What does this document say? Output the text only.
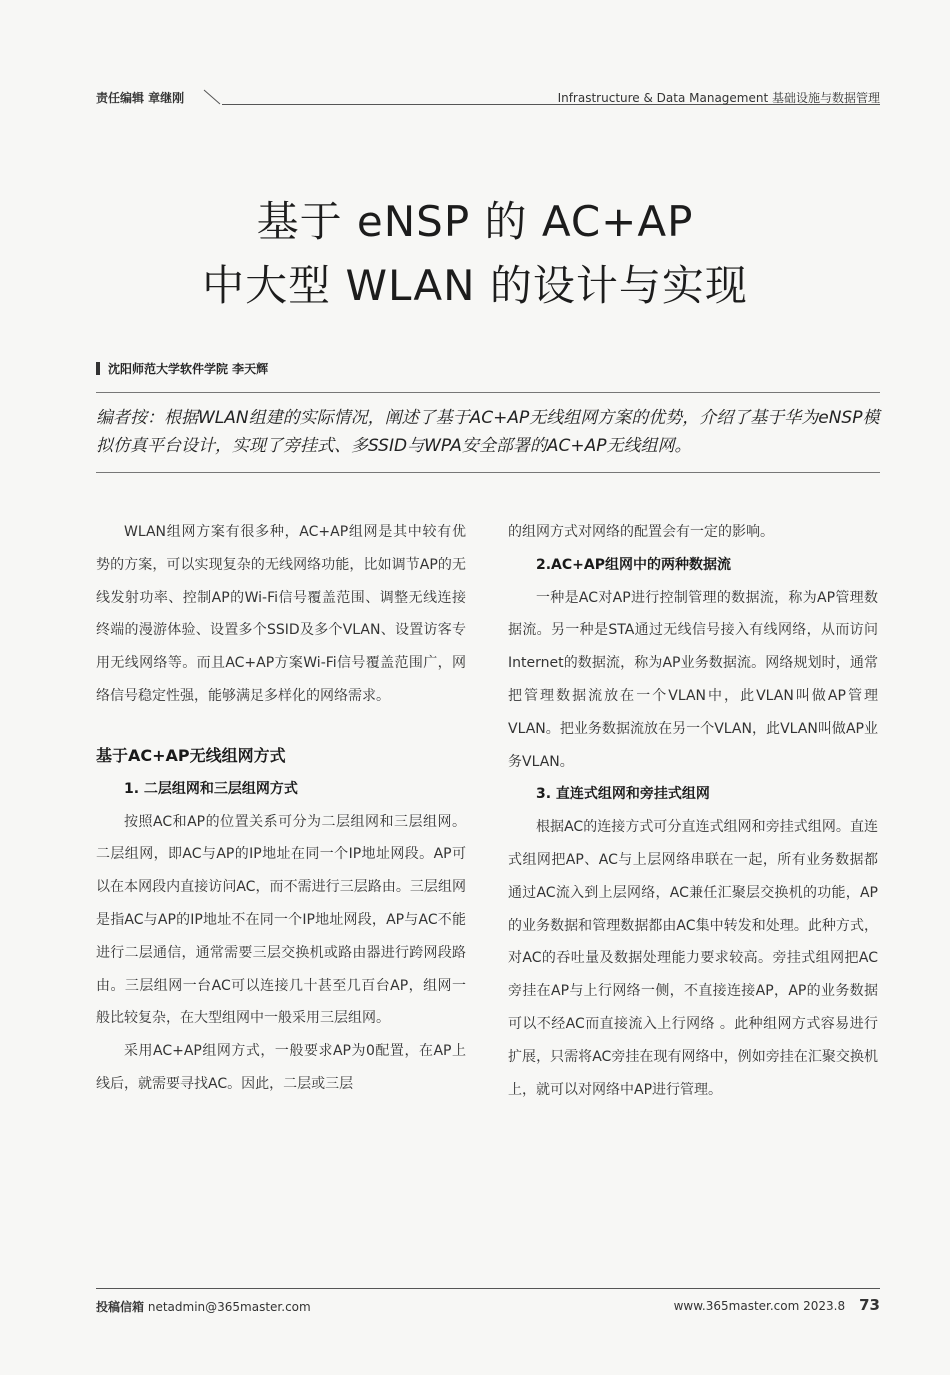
责任编辑 章继刚	Infrastructure & Data Management 基础设施与数据管理
基于 eNSP 的 AC+AP
中大型 WLAN 的设计与实现
沈阳师范大学软件学院 李天辉
编者按：根据WLAN组建的实际情况，阐述了基于AC+AP无线组网方案的优势，介绍了基于华为eNSP模拟仿真平台设计，实现了旁挂式、多SSID与WPA安全部署的AC+AP无线组网。

WLAN组网方案有很多种，AC+AP组网是其中较有优势的方案，可以实现复杂的无线网络功能，比如调节AP的无线发射功率、控制AP的Wi-Fi信号覆盖范围、调整无线连接终端的漫游体验、设置多个SSID及多个VLAN、设置访客专用无线网络等。而且AC+AP方案Wi-Fi信号覆盖范围广，网络信号稳定性强，能够满足多样化的网络需求。

基于AC+AP无线组网方式
1. 二层组网和三层组网方式

按照AC和AP的位置关系可分为二层组网和三层组网。二层组网，即AC与AP的IP地址在同一个IP地址网段。AP可以在本网段内直接访问AC，而不需进行三层路由。三层组网是指AC与AP的IP地址不在同一个IP地址网段，AP与AC不能进行二层通信，通常需要三层交换机或路由器进行跨网段路由。三层组网一台AC可以连接几十甚至几百台AP，组网一般比较复杂，在大型组网中一般采用三层组网。

采用AC+AP组网方式，一般要求AP为0配置，在AP上线后，就需要寻找AC。因此，二层或三层

的组网方式对网络的配置会有一定的影响。

2.AC+AP组网中的两种数据流

一种是AC对AP进行控制管理的数据流，称为AP管理数据流。另一种是STA通过无线信号接入有线网络，从而访问Internet的数据流，称为AP业务数据流。网络规划时，通常把管理数据流放在一个VLAN中，此VLAN叫做AP管理VLAN。把业务数据流放在另一个VLAN，此VLAN叫做AP业务VLAN。

3. 直连式组网和旁挂式组网

根据AC的连接方式可分直连式组网和旁挂式组网。直连式组网把AP、AC与上层网络串联在一起，所有业务数据都通过AC流入到上层网络，AC兼任汇聚层交换机的功能，AP的业务数据和管理数据都由AC集中转发和处理。此种方式，对AC的吞吐量及数据处理能力要求较高。旁挂式组网把AC旁挂在AP与上行网络一侧，不直接连接AP，AP的业务数据可以不经AC而直接流入上行网络 。此种组网方式容易进行扩展，只需将AC旁挂在现有网络中，例如旁挂在汇聚交换机上，就可以对网络中AP进行管理。

投稿信箱 netadmin@365master.com	www.365master.com 2023.8 73
